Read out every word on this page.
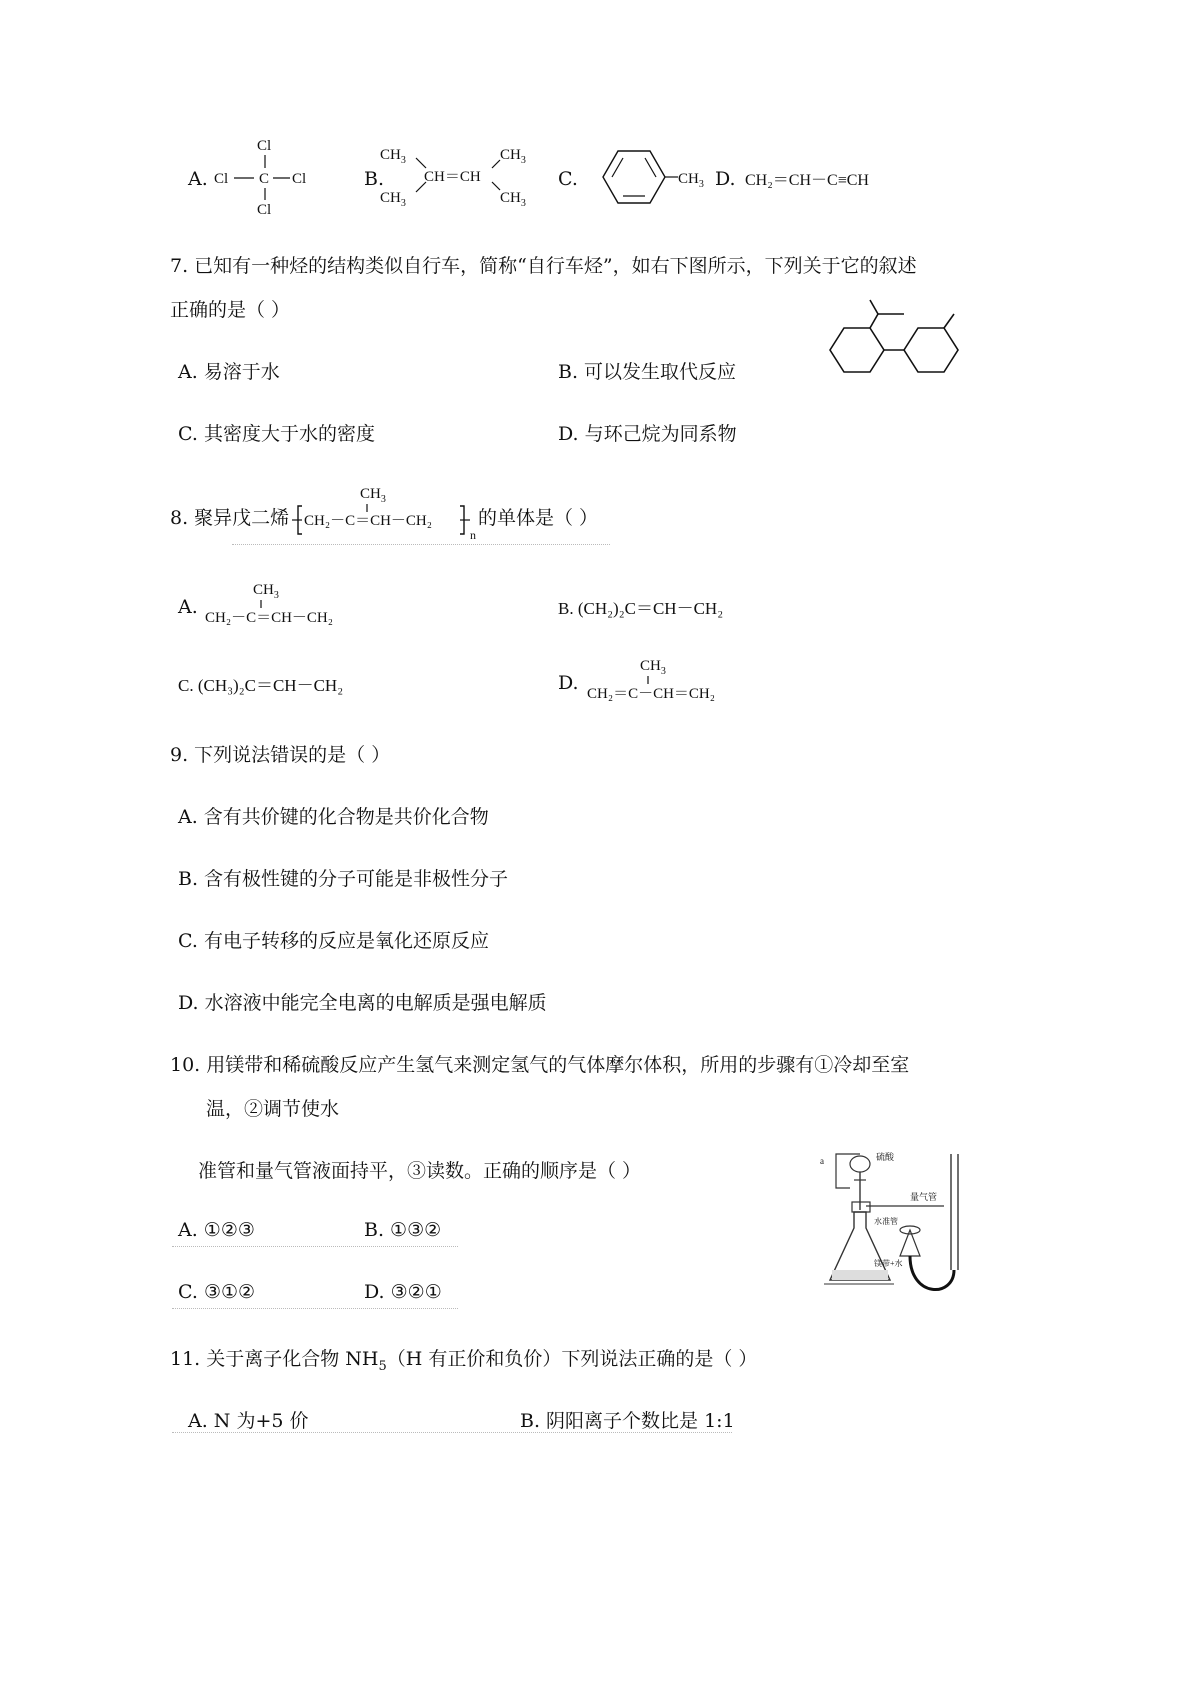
A.
Cl
Cl C Cl
Cl
B.
$CH_3$
$CH_3$
CH＝CH
$CH_3$
$CH_3$
C.	$CH_3$ D. CH₂＝CH－C≡CH
7. 已知有一种烃的结构类似自行车，简称“自行车烃”，如右下图所示，下列关于它的叙述
正确的是（ ）
A. 易溶于水	B. 可以发生取代反应
C. 其密度大于水的密度	D. 与环己烷为同系物
8. 聚异戊二烯
$CH_3$
CH₂－C＝CH－CH₂
n
的单体是（ ）
A.
$CH_3$
CH₂－C＝CH－CH₂	B. (CH₂)₂C＝CH－CH₂
C. (CH₃)₂C＝CH－CH₂	D.
$CH_3$
CH₂＝C－CH＝CH₂
9. 下列说法错误的是（ ）
A. 含有共价键的化合物是共价化合物
B. 含有极性键的分子可能是非极性分子
C. 有电子转移的反应是氧化还原反应
D. 水溶液中能完全电离的电解质是强电解质
10. 用镁带和稀硫酸反应产生氢气来测定氢气的气体摩尔体积，所用的步骤有①冷却至室
温，②调节使水
准管和量气管液面持平，③读数。正确的顺序是（ ）
A. ①②③	B. ①③②
C. ③①②	D. ③②①
a	硫酸
镁带+水
水准管
量气管
11. 关于离子化合物 $NH_5(H$ 有正价和负价）下列说法正确的是（ ）
A. N 为+5 价	B. 阴阳离子个数比是 1:1
